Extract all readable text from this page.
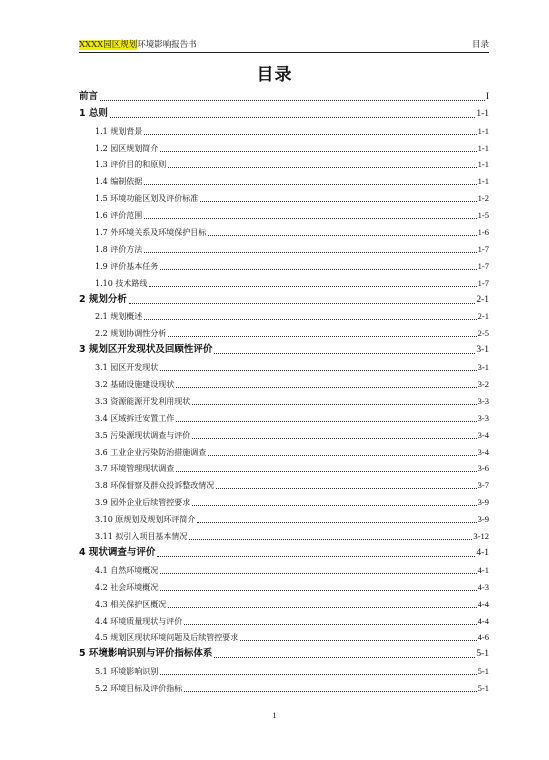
XXXX园区规划环境影响报告书	目录
目录
前言	I
1 总则	1-1
1.1 规划背景	1-1
1.2 园区规划简介	1-1
1.3 评价目的和原则	1-1
1.4 编制依据	1-1
1.5 环境功能区划及评价标准	1-2
1.6 评价范围	1-5
1.7 外环境关系及环境保护目标	1-6
1.8 评价方法	1-7
1.9 评价基本任务	1-7
1.10 技术路线	1-7
2 规划分析	2-1
2.1 规划概述	2-1
2.2 规划协调性分析	2-5
3 规划区开发现状及回顾性评价	3-1
3.1 园区开发现状	3-1
3.2 基础设施建设现状	3-2
3.3 资源能源开发利用现状	3-3
3.4 区域拆迁安置工作	3-3
3.5 污染源现状调查与评价	3-4
3.6 工业企业污染防治措施调查	3-4
3.7 环境管理现状调查	3-6
3.8 环保督察及群众投诉整改情况	3-7
3.9 园外企业后续管控要求	3-9
3.10 原规划及规划环评简介	3-9
3.11 拟引入项目基本情况	3-12
4 现状调查与评价	4-1
4.1 自然环境概况	4-1
4.2 社会环境概况	4-3
4.3 相关保护区概况	4-4
4.4 环境质量现状与评价	4-4
4.5 规划区现状环境问题及后续管控要求	4-6
5 环境影响识别与评价指标体系	5-1
5.1 环境影响识别	5-1
5.2 环境目标及评价指标	5-1
1
